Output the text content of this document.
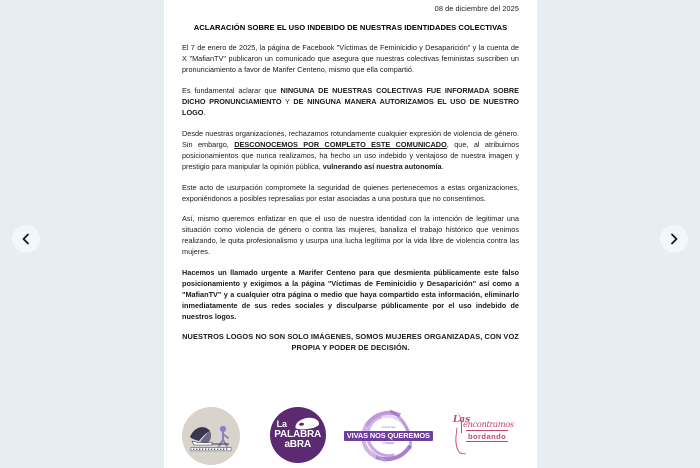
08 de diciembre del 2025
ACLARACIÓN SOBRE EL USO INDEBIDO DE NUESTRAS IDENTIDADES COLECTIVAS

El 7 de enero de 2025, la página de Facebook "Víctimas de Feminicidio y Desaparición" y la cuenta de X "MafianTV" publicaron un comunicado que asegura que nuestras colectivas feministas suscriben un pronunciamiento a favor de Marifer Centeno, mismo que ella compartió.

Es fundamental aclarar que NINGUNA DE NUESTRAS COLECTIVAS FUE INFORMADA SOBRE DICHO PRONUNCIAMIENTO Y DE NINGUNA MANERA AUTORIZAMOS EL USO DE NUESTRO LOGO.

Desde nuestras organizaciones, rechazamos rotundamente cualquier expresión de violencia de género. Sin embargo, DESCONOCEMOS POR COMPLETO ESTE COMUNICADO, que, al atribuirnos posicionamientos que nunca realizamos, ha hecho un uso indebido y ventajoso de nuestra imagen y prestigio para manipular la opinión pública, vulnerando así nuestra autonomía.

Este acto de usurpación compromete la seguridad de quienes pertenecemos a estas organizaciones, exponiéndonos a posibles represalias por estar asociadas a una postura que no consentimos.

Así, mismo queremos enfatizar en que el uso de nuestra identidad con la intención de legitimar una situación como violencia de género o contra las mujeres, banaliza el trabajo histórico que venimos realizando, le quita profesionalismo y usurpa una lucha legítima por la vida libre de violencia contra las mujeres.

Hacemos un llamado urgente a Marifer Centeno para que desmienta públicamente este falso posicionamiento y exigimos a la página "Víctimas de Feminicidio y Desaparición" así como a "MafianTV" y a cualquier otra página o medio que haya compartido esta información, eliminarlo inmediatamente de sus redes sociales y disculparse públicamente por el uso indebido de nuestros logos.

NUESTROS LOGOS NO SON SOLO IMÁGENES, SOMOS MUJERES ORGANIZADAS, CON VOZ PROPIA Y PODER DE DECISIÓN.

La
PALABRA
aBRA
colectiva
VIVAS NOS QUEREMOS
Chiapas
Las
encontramos
bordando
